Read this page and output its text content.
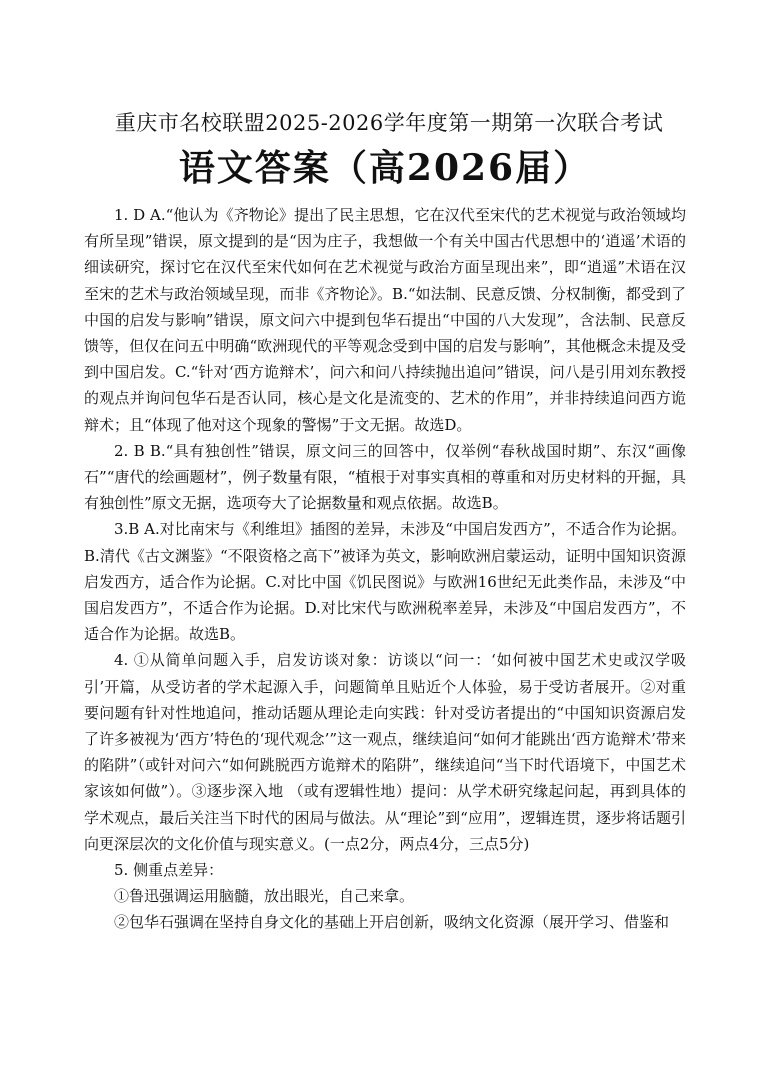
重庆市名校联盟2025-2026学年度第一期第一次联合考试
语文答案（高2026届）

1. D A.“他认为《齐物论》提出了民主思想，它在汉代至宋代的艺术视觉与政治领域均有所呈现”错误，原文提到的是“因为庄子，我想做一个有关中国古代思想中的‘逍遥’术语的细读研究，探讨它在汉代至宋代如何在艺术视觉与政治方面呈现出来”，即“逍遥”术语在汉至宋的艺术与政治领域呈现，而非《齐物论》。B.“如法制、民意反馈、分权制衡，都受到了中国的启发与影响”错误，原文问六中提到包华石提出“中国的八大发现”，含法制、民意反馈等，但仅在问五中明确“欧洲现代的平等观念受到中国的启发与影响”，其他概念未提及受到中国启发。C.“针对‘西方诡辩术’，问六和问八持续抛出追问”错误，问八是引用刘东教授的观点并询问包华石是否认同，核心是文化是流变的、艺术的作用”，并非持续追问西方诡辩术；且“体现了他对这个现象的警惕”于文无据。故选D。

2. B B.“具有独创性”错误，原文问三的回答中，仅举例“春秋战国时期”、东汉“画像石”“唐代的绘画题材”，例子数量有限，“植根于对事实真相的尊重和对历史材料的开掘，具有独创性”原文无据，选项夸大了论据数量和观点依据。故选B。

3.B A.对比南宋与《利维坦》插图的差异，未涉及“中国启发西方”，不适合作为论据。B.清代《古文渊鉴》“不限资格之高下”被译为英文，影响欧洲启蒙运动，证明中国知识资源启发西方，适合作为论据。C.对比中国《饥民图说》与欧洲16世纪无此类作品，未涉及“中国启发西方”，不适合作为论据。D.对比宋代与欧洲税率差异，未涉及“中国启发西方”，不适合作为论据。故选B。

4. ①从简单问题入手，启发访谈对象：访谈以“问一：‘如何被中国艺术史或汉学吸引’开篇，从受访者的学术起源入手，问题简单且贴近个人体验，易于受访者展开。②对重要问题有针对性地追问，推动话题从理论走向实践：针对受访者提出的“中国知识资源启发了许多被视为‘西方’特色的‘现代观念’”这一观点，继续追问“如何才能跳出‘西方诡辩术’带来的陷阱”（或针对问六“如何跳脱西方诡辩术的陷阱”，继续追问“当下时代语境下，中国艺术家该如何做”）。③逐步深入地 （或有逻辑性地）提问：从学术研究缘起问起，再到具体的学术观点，最后关注当下时代的困局与做法。从“理论”到“应用”，逻辑连贯，逐步将话题引向更深层次的文化价值与现实意义。(一点2分，两点4分，三点5分)

5. 侧重点差异：

①鲁迅强调运用脑髓，放出眼光，自己来拿。

②包华石强调在坚持自身文化的基础上开启创新，吸纳文化资源（展开学习、借鉴和
